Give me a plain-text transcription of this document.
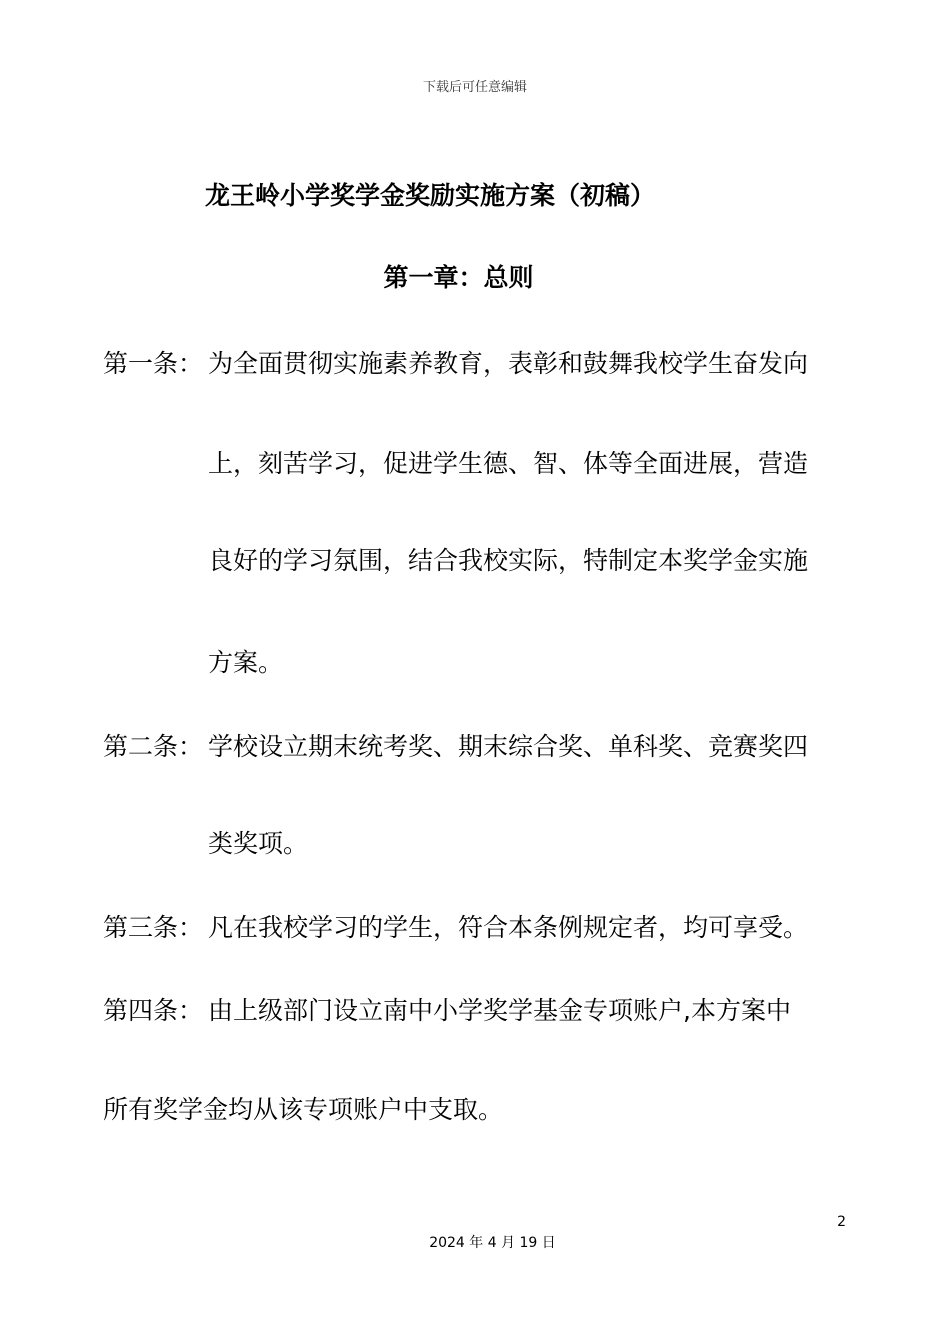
下载后可任意编辑
龙王岭小学奖学金奖励实施方案（初稿）
第一章：总则
第一条： 为全面贯彻实施素养教育，表彰和鼓舞我校学生奋发向
上，刻苦学习，促进学生德、智、体等全面进展，营造
良好的学习氛围，结合我校实际，特制定本奖学金实施
方案。
第二条： 学校设立期末统考奖、期末综合奖、单科奖、竞赛奖四
类奖项。
第三条： 凡在我校学习的学生，符合本条例规定者，均可享受。
第四条： 由上级部门设立南中小学奖学基金专项账户,本方案中
所有奖学金均从该专项账户中支取。
2
2024 年 4 月 19 日
